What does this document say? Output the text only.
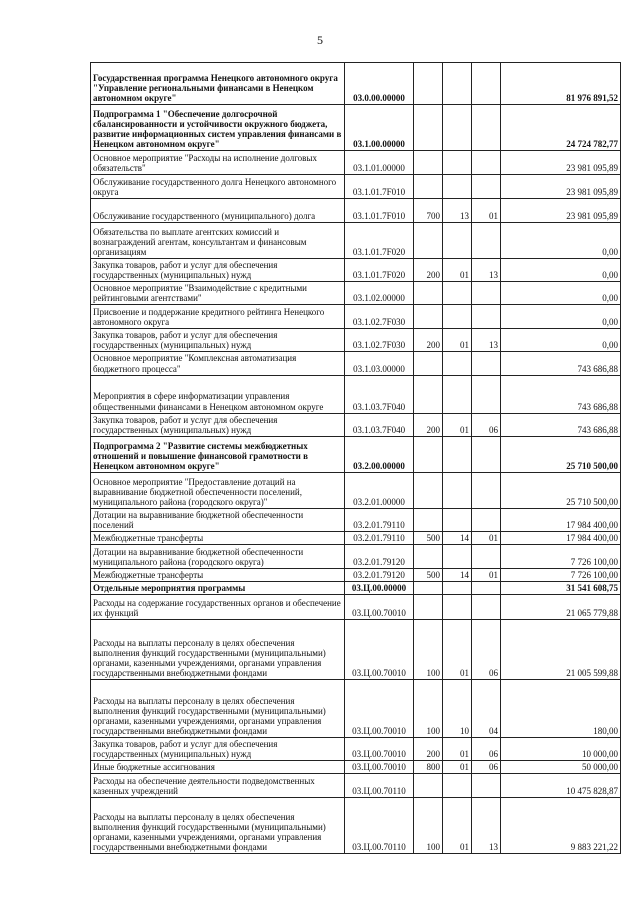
5
Государственная программа Ненецкого автономного округа "Управление региональными финансами в Ненецком автономном округе"	03.0.00.00000				81 976 891,52
Подпрограмма 1 "Обеспечение долгосрочной сбалансированности и устойчивости окружного бюджета, развитие информационных систем управления финансами в Ненецком автономном округе"	03.1.00.00000				24 724 782,77
Основное мероприятие "Расходы на исполнение долговых обязательств"	03.1.01.00000				23 981 095,89
Обслуживание государственного долга Ненецкого автономного округа	03.1.01.7F010				23 981 095,89
Обслуживание государственного (муниципального) долга	03.1.01.7F010	700	13	01	23 981 095,89
Обязательства по выплате агентских комиссий и вознаграждений агентам, консультантам и финансовым организациям	03.1.01.7F020				0,00
Закупка товаров, работ и услуг для обеспечения государственных (муниципальных) нужд	03.1.01.7F020	200	01	13	0,00
Основное мероприятие "Взаимодействие с кредитными рейтинговыми агентствами"	03.1.02.00000				0,00
Присвоение и поддержание кредитного рейтинга Ненецкого автономного округа	03.1.02.7F030				0,00
Закупка товаров, работ и услуг для обеспечения государственных (муниципальных) нужд	03.1.02.7F030	200	01	13	0,00
Основное мероприятие "Комплексная автоматизация бюджетного процесса"	03.1.03.00000				743 686,88
Мероприятия в сфере информатизации управления общественными финансами в Ненецком автономном округе	03.1.03.7F040				743 686,88
Закупка товаров, работ и услуг для обеспечения государственных (муниципальных) нужд	03.1.03.7F040	200	01	06	743 686,88
Подпрограмма 2 "Развитие системы межбюджетных отношений и повышение финансовой грамотности в Ненецком автономном округе"	03.2.00.00000				25 710 500,00
Основное мероприятие "Предоставление дотаций на выравнивание бюджетной обеспеченности поселений, муниципального района (городского округа)"	03.2.01.00000				25 710 500,00
Дотации на выравнивание бюджетной обеспеченности поселений	03.2.01.79110				17 984 400,00
Межбюджетные трансферты	03.2.01.79110	500	14	01	17 984 400,00
Дотации на выравнивание бюджетной обеспеченности муниципального района (городского округа)	03.2.01.79120				7 726 100,00
Межбюджетные трансферты	03.2.01.79120	500	14	01	7 726 100,00
Отдельные мероприятия программы	03.Ц.00.00000				31 541 608,75
Расходы на содержание государственных органов и обеспечение их функций	03.Ц.00.70010				21 065 779,88
Расходы на выплаты персоналу в целях обеспечения выполнения функций государственными (муниципальными) органами, казенными учреждениями, органами управления государственными внебюджетными фондами	03.Ц.00.70010	100	01	06	21 005 599,88
Расходы на выплаты персоналу в целях обеспечения выполнения функций государственными (муниципальными) органами, казенными учреждениями, органами управления государственными внебюджетными фондами	03.Ц.00.70010	100	10	04	180,00
Закупка товаров, работ и услуг для обеспечения государственных (муниципальных) нужд	03.Ц.00.70010	200	01	06	10 000,00
Иные бюджетные ассигнования	03.Ц.00.70010	800	01	06	50 000,00
Расходы на обеспечение деятельности подведомственных казенных учреждений	03.Ц.00.70110				10 475 828,87
Расходы на выплаты персоналу в целях обеспечения выполнения функций государственными (муниципальными) органами, казенными учреждениями, органами управления государственными внебюджетными фондами	03.Ц.00.70110	100	01	13	9 883 221,22
